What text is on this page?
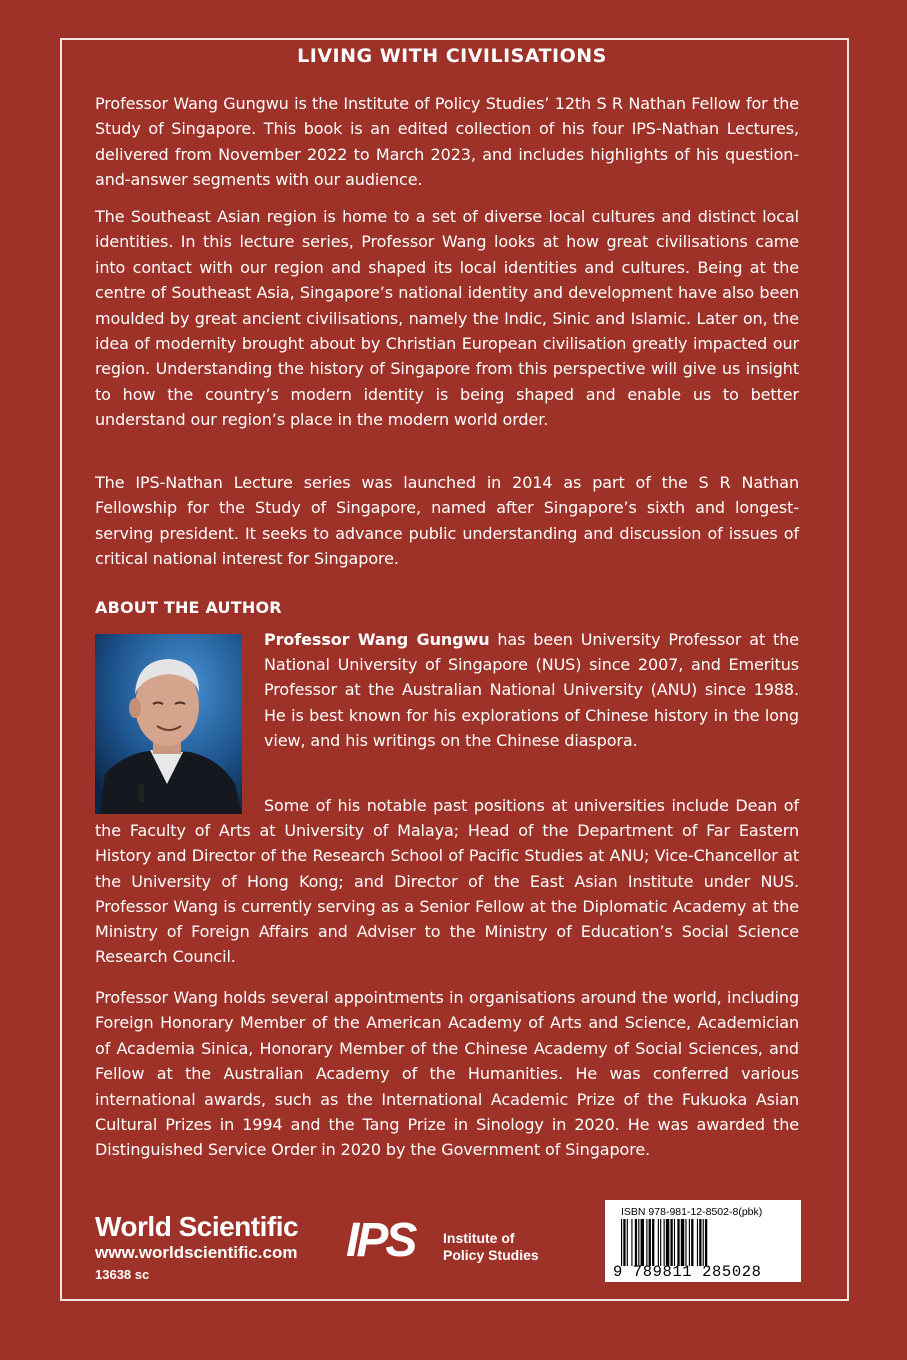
LIVING WITH CIVILISATIONS

Professor Wang Gungwu is the Institute of Policy Studies’ 12th S R Nathan Fellow for the Study of Singapore. This book is an edited collection of his four IPS-Nathan Lectures, delivered from November 2022 to March 2023, and includes highlights of his question-and-answer segments with our audience.

The Southeast Asian region is home to a set of diverse local cultures and distinct local identities. In this lecture series, Professor Wang looks at how great civilisations came into contact with our region and shaped its local identities and cultures. Being at the centre of Southeast Asia, Singapore’s national identity and development have also been moulded by great ancient civilisations, namely the Indic, Sinic and Islamic. Later on, the idea of modernity brought about by Christian European civilisation greatly impacted our region. Understanding the history of Singapore from this perspective will give us insight to how the country’s modern identity is being shaped and enable us to better understand our region’s place in the modern world order.

The IPS-Nathan Lecture series was launched in 2014 as part of the S R Nathan Fellowship for the Study of Singapore, named after Singapore’s sixth and longest-serving president. It seeks to advance public understanding and discussion of issues of critical national interest for Singapore.

ABOUT THE AUTHOR

Professor Wang Gungwu has been University Professor at the National University of Singapore (NUS) since 2007, and Emeritus Professor at the Australian National University (ANU) since 1988. He is best known for his explorations of Chinese history in the long view, and his writings on the Chinese diaspora.

Some of his notable past positions at universities include Dean of the Faculty of Arts at University of Malaya; Head of the Department of Far Eastern History and Director of the Research School of Pacific Studies at ANU; Vice-Chancellor at the University of Hong Kong; and Director of the East Asian Institute under NUS. Professor Wang is currently serving as a Senior Fellow at the Diplomatic Academy at the Ministry of Foreign Affairs and Adviser to the Ministry of Education’s Social Science Research Council.

Professor Wang holds several appointments in organisations around the world, including Foreign Honorary Member of the American Academy of Arts and Science, Academician of Academia Sinica, Honorary Member of the Chinese Academy of Social Sciences, and Fellow at the Australian Academy of the Humanities. He was conferred various international awards, such as the International Academic Prize of the Fukuoka Asian Cultural Prizes in 1994 and the Tang Prize in Sinology in 2020. He was awarded the Distinguished Service Order in 2020 by the Government of Singapore.

World Scientific
www.worldscientific.com
13638 sc
IPS Institute of
Policy Studies
ISBN 978-981-12-8502-8(pbk)
9 789811 285028
